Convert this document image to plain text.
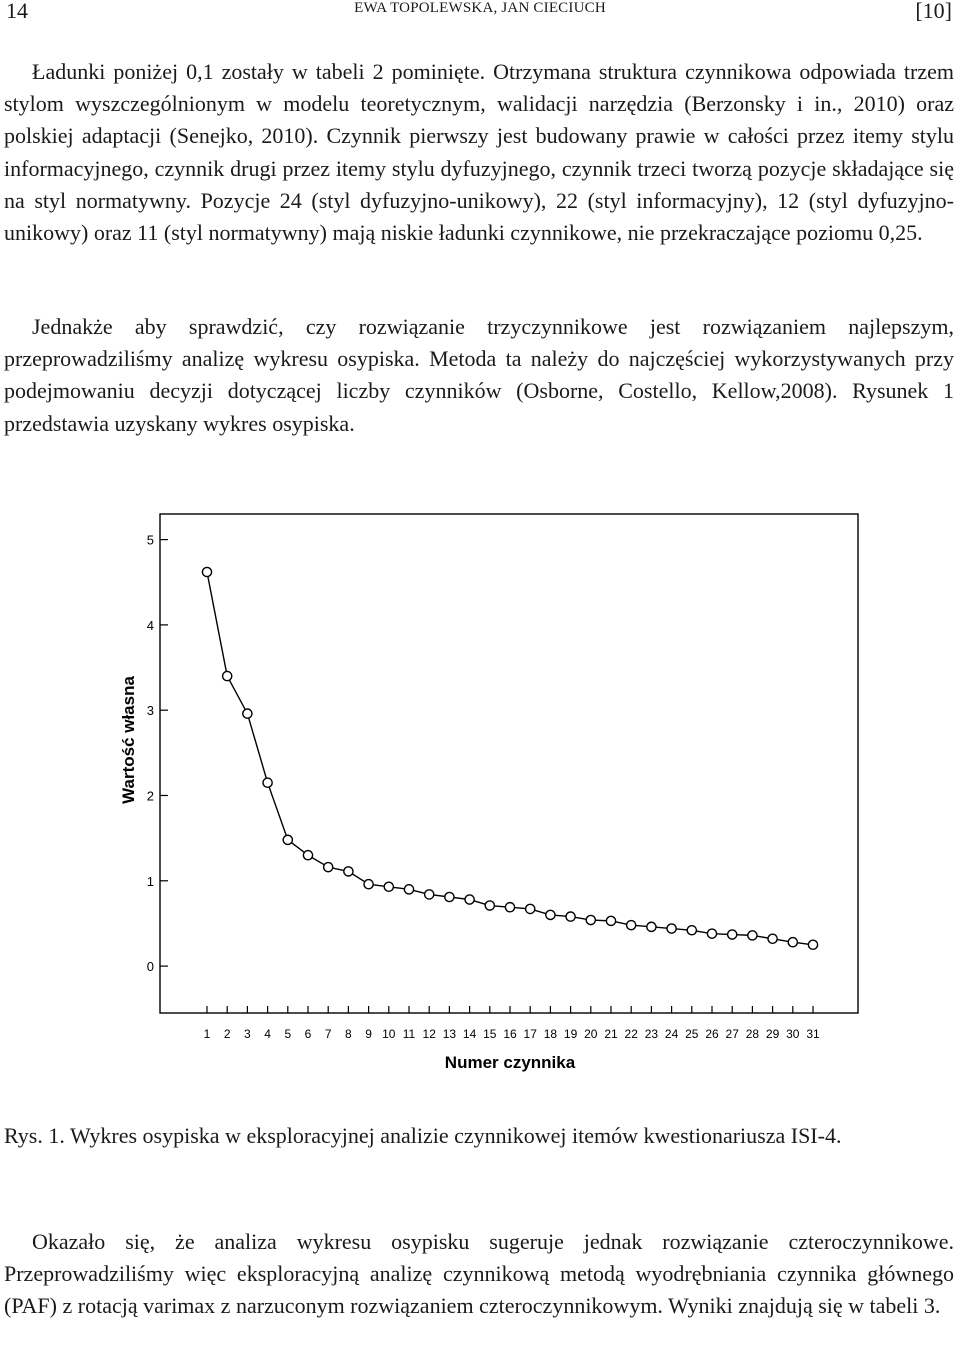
14	EWA TOPOLEWSKA, JAN CIECIUCH	[10]
Ładunki poniżej 0,1 zostały w tabeli 2 pominięte. Otrzymana struktura czynnikowa odpowiada trzem stylom wyszczególnionym w modelu teoretycznym, walidacji narzędzia (Berzonsky i in., 2010) oraz polskiej adaptacji (Senejko, 2010). Czynnik pierwszy jest budowany prawie w całości przez itemy stylu informacyjnego, czynnik drugi przez itemy stylu dyfuzyjnego, czynnik trzeci tworzą pozycje składające się na styl normatywny. Pozycje 24 (styl dyfuzyjno-unikowy), 22 (styl informacyjny), 12 (styl dyfuzyjno-unikowy) oraz 11 (styl normatywny) mają niskie ładunki czynnikowe, nie przekraczające poziomu 0,25.
Jednakże aby sprawdzić, czy rozwiązanie trzyczynnikowe jest rozwiązaniem najlepszym, przeprowadziliśmy analizę wykresu osypiska. Metoda ta należy do najczęściej wykorzystywanych przy podejmowaniu decyzji dotyczącej liczby czynników (Osborne, Costello, Kellow,2008). Rysunek 1 przedstawia uzyskany wykres osypiska.
Wartość własna
Numer czynnika
0
1
2
3
4
5
1 2 3 4 5 6 7 8 9 10 11 12 13 14 15 16 17 18 19 20 21 22 23 24 25 26 27 28 29 30 31
Rys. 1. Wykres osypiska w eksploracyjnej analizie czynnikowej itemów kwestionariusza ISI-4.
Okazało się, że analiza wykresu osypisku sugeruje jednak rozwiązanie czteroczynnikowe. Przeprowadziliśmy więc eksploracyjną analizę czynnikową metodą wyodrębniania czynnika głównego (PAF) z rotacją varimax z narzuconym rozwiązaniem czteroczynnikowym. Wyniki znajdują się w tabeli 3.
